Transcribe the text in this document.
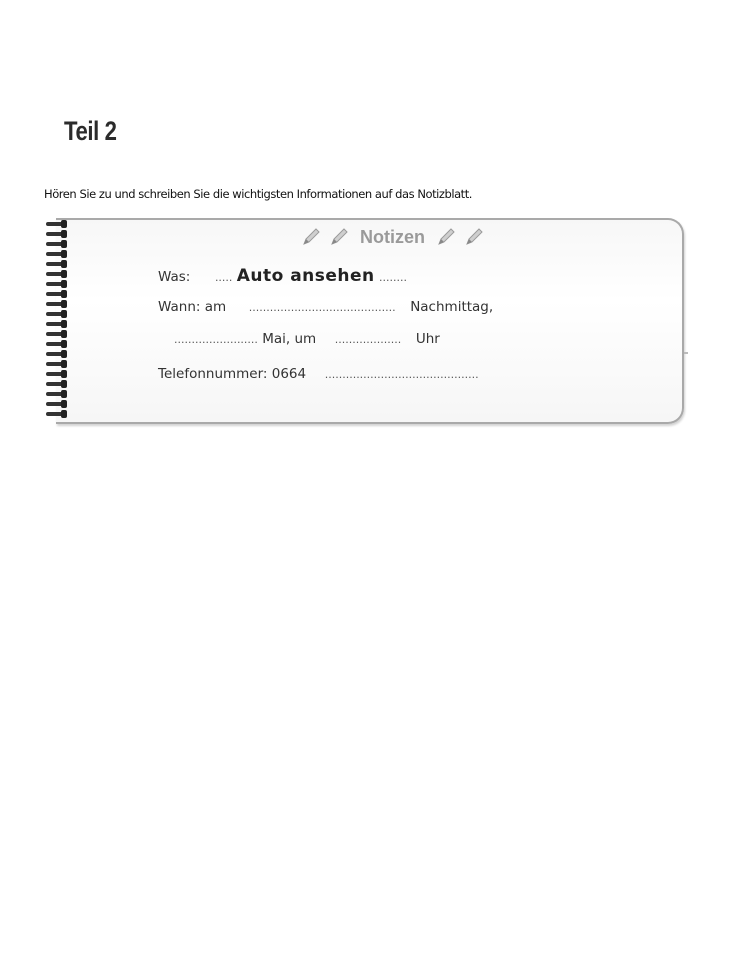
Teil 2
Hören Sie zu und schreiben Sie die wichtigsten Informationen auf das Notizblatt.
Notizen
Was: ..... Auto ansehen ........
Wann: am .......................................... Nachmittag,
........................ Mai, um ................... Uhr
Telefonnummer: 0664 ............................................
